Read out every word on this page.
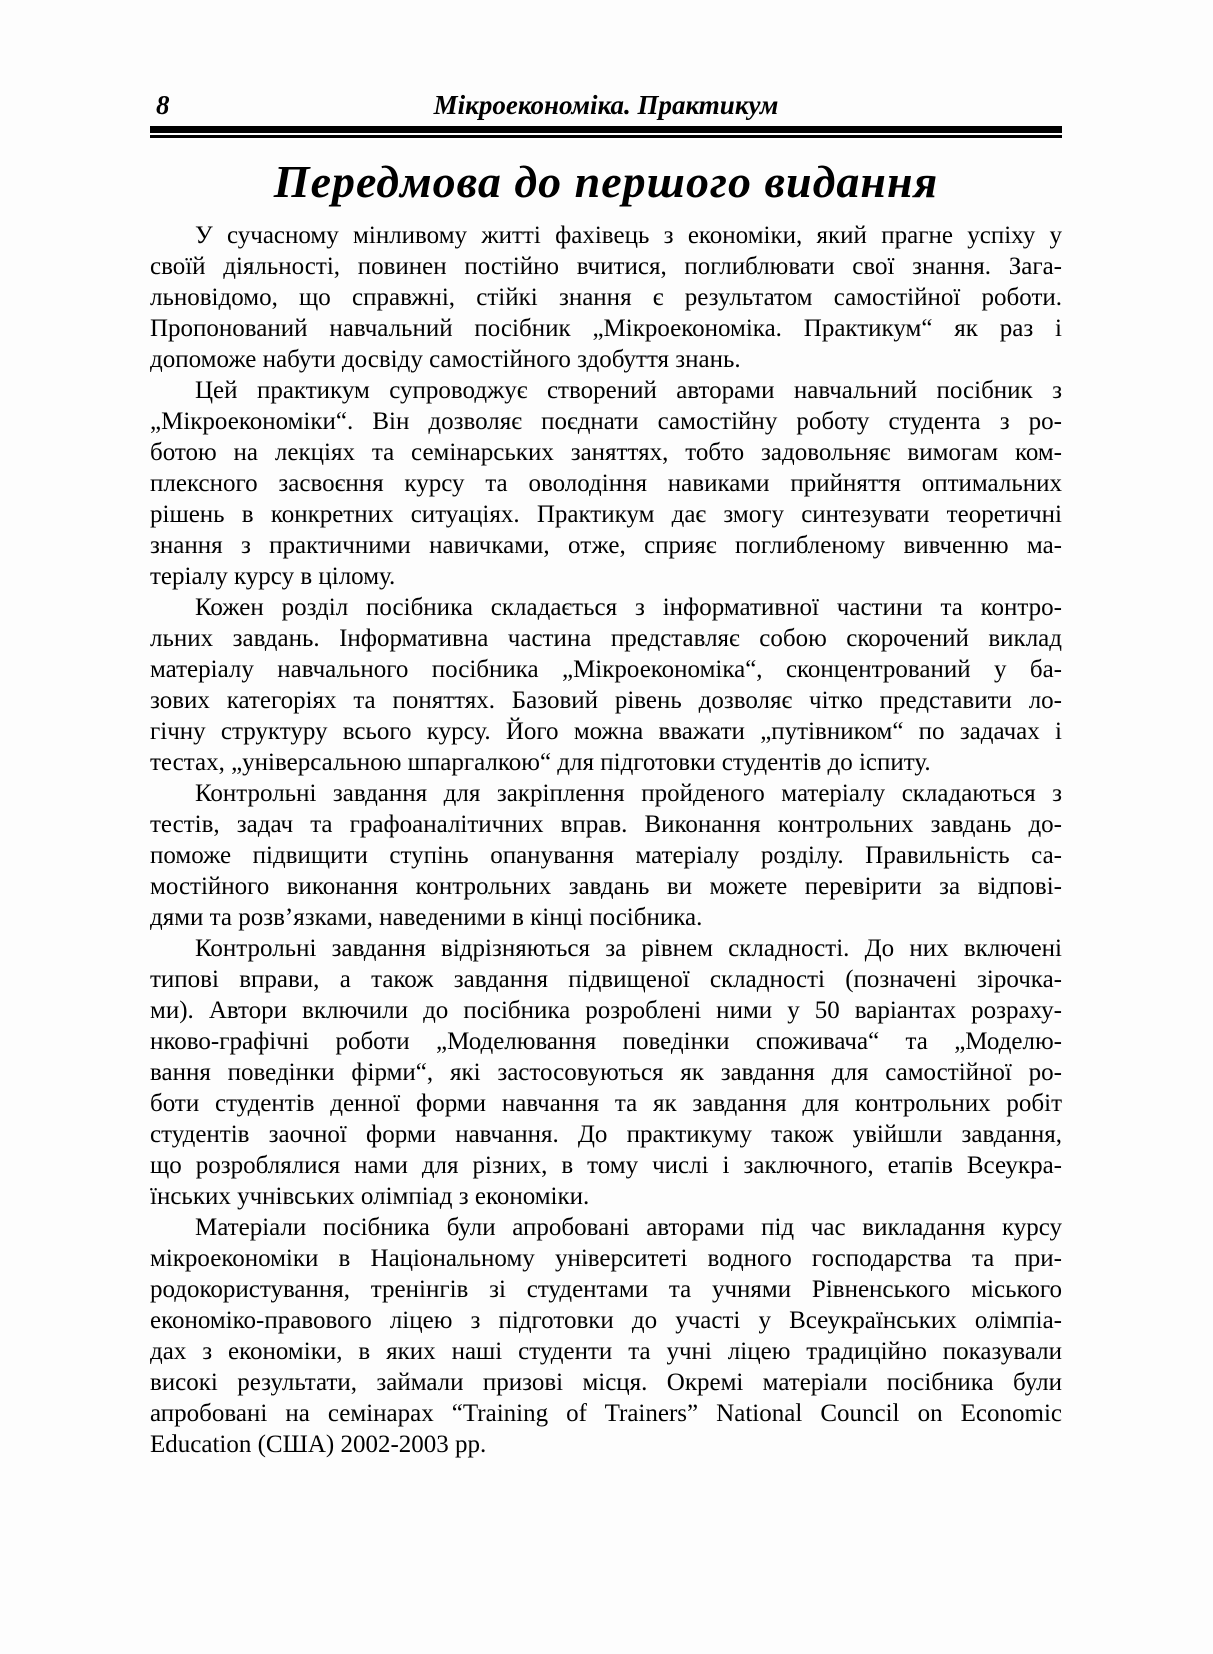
8	Мікроекономіка. Практикум
Передмова до першого видання
У сучасному мінливому житті фахівець з економіки, який прагне успіху у
своїй діяльності, повинен постійно вчитися, поглиблювати свої знання. Зага-
льновідомо, що справжні, стійкі знання є результатом самостійної роботи.
Пропонований навчальний посібник „Мікроекономіка. Практикум“ як раз і
допоможе набути досвіду самостійного здобуття знань.
Цей практикум супроводжує створений авторами навчальний посібник з
„Мікроекономіки“. Він дозволяє поєднати самостійну роботу студента з ро-
ботою на лекціях та семінарських заняттях, тобто задовольняє вимогам ком-
плексного засвоєння курсу та оволодіння навиками прийняття оптимальних
рішень в конкретних ситуаціях. Практикум дає змогу синтезувати теоретичні
знання з практичними навичками, отже, сприяє поглибленому вивченню ма-
теріалу курсу в цілому.
Кожен розділ посібника складається з інформативної частини та контро-
льних завдань. Інформативна частина представляє собою скорочений виклад
матеріалу навчального посібника „Мікроекономіка“, сконцентрований у ба-
зових категоріях та поняттях. Базовий рівень дозволяє чітко представити ло-
гічну структуру всього курсу. Його можна вважати „путівником“ по задачах і
тестах, „універсальною шпаргалкою“ для підготовки студентів до іспиту.
Контрольні завдання для закріплення пройденого матеріалу складаються з
тестів, задач та графоаналітичних вправ. Виконання контрольних завдань до-
поможе підвищити ступінь опанування матеріалу розділу. Правильність са-
мостійного виконання контрольних завдань ви можете перевірити за відпові-
дями та розв’язками, наведеними в кінці посібника.
Контрольні завдання відрізняються за рівнем складності. До них включені
типові вправи, а також завдання підвищеної складності (позначені зірочка-
ми). Автори включили до посібника розроблені ними у 50 варіантах розраху-
нково-графічні роботи „Моделювання поведінки споживача“ та „Моделю-
вання поведінки фірми“, які застосовуються як завдання для самостійної ро-
боти студентів денної форми навчання та як завдання для контрольних робіт
студентів заочної форми навчання. До практикуму також увійшли завдання,
що розроблялися нами для різних, в тому числі і заключного, етапів Всеукра-
їнських учнівських олімпіад з економіки.
Матеріали посібника були апробовані авторами під час викладання курсу
мікроекономіки в Національному університеті водного господарства та при-
родокористування, тренінгів зі студентами та учнями Рівненського міського
економіко-правового ліцею з підготовки до участі у Всеукраїнських олімпіа-
дах з економіки, в яких наші студенти та учні ліцею традиційно показували
високі результати, займали призові місця. Окремі матеріали посібника були
апробовані на семінарах “Training of Trainers” National Council on Economic
Education (США) 2002-2003 рр.
